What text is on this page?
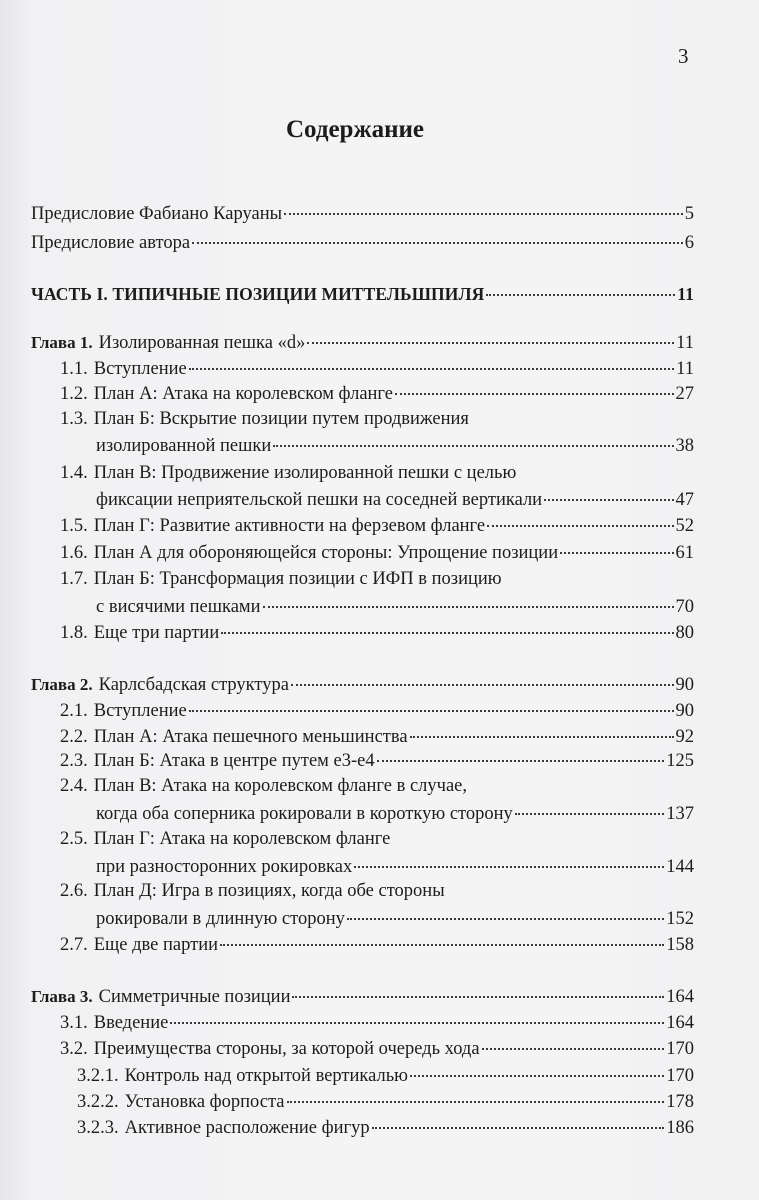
3
Содержание
Предисловие Фабиано Каруаны	5
Предисловие автора	6
ЧАСТЬ I. ТИПИЧНЫЕ ПОЗИЦИИ МИТТЕЛЬШПИЛЯ	11
Глава 1. Изолированная пешка «d»	11
1.1. Вступление	11
1.2. План А: Атака на королевском фланге	27
1.3. План Б: Вскрытие позиции путем продвижения
изолированной пешки	38
1.4. План В: Продвижение изолированной пешки с целью
фиксации неприятельской пешки на соседней вертикали	47
1.5. План Г: Развитие активности на ферзевом фланге	52
1.6. План А для обороняющейся стороны: Упрощение позиции	61
1.7. План Б: Трансформация позиции с ИФП в позицию
с висячими пешками	70
1.8. Еще три партии	80
Глава 2. Карлсбадская структура	90
2.1. Вступление	90
2.2. План А: Атака пешечного меньшинства	92
2.3. План Б: Атака в центре путем e3-e4	125
2.4. План В: Атака на королевском фланге в случае,
когда оба соперника рокировали в короткую сторону	137
2.5. План Г: Атака на королевском фланге
при разносторонних рокировках	144
2.6. План Д: Игра в позициях, когда обе стороны
рокировали в длинную сторону	152
2.7. Еще две партии	158
Глава 3. Симметричные позиции	164
3.1. Введение	164
3.2. Преимущества стороны, за которой очередь хода	170
3.2.1. Контроль над открытой вертикалью	170
3.2.2. Установка форпоста	178
3.2.3. Активное расположение фигур	186
